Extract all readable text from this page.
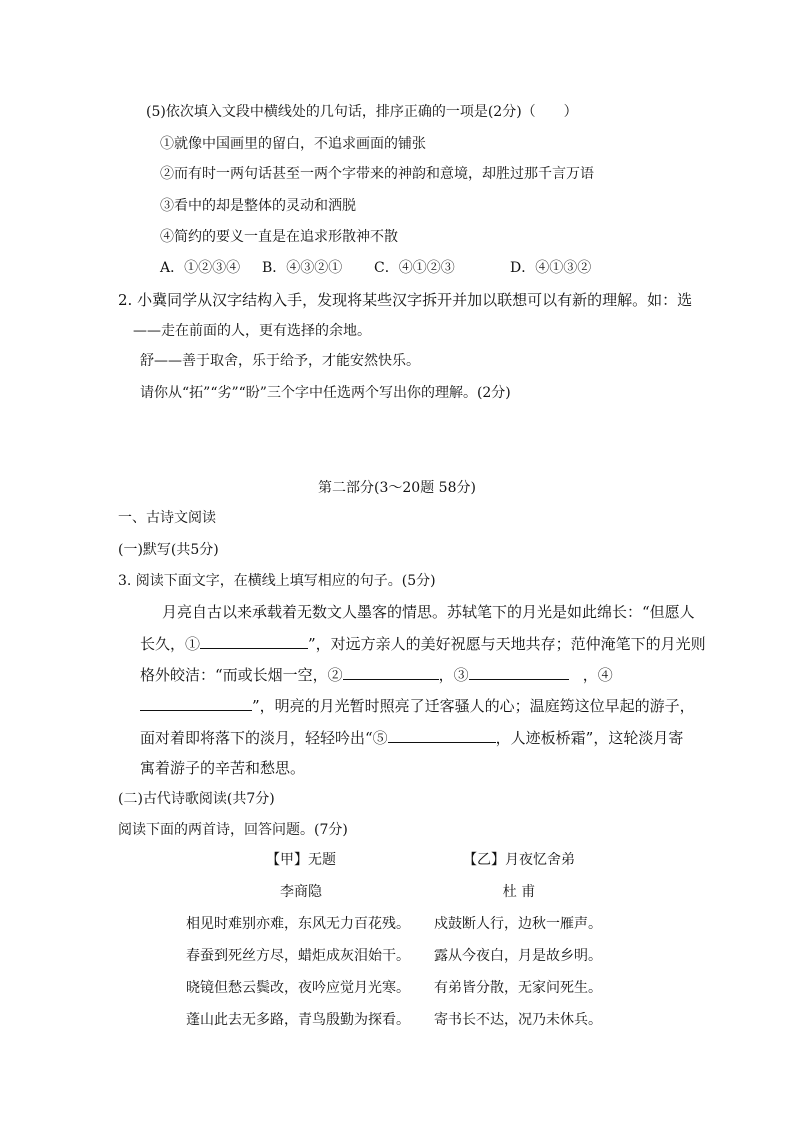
(5)依次填入文段中横线处的几句话，排序正确的一项是(2分)（　　）
①就像中国画里的留白，不追求画面的铺张
②而有时一两句话甚至一两个字带来的神韵和意境，却胜过那千言万语
③看中的却是整体的灵动和洒脱
④简约的要义一直是在追求形散神不散
A．①②③④ B．④③②① C．④①②③	D．④①③②
2. 小冀同学从汉字结构入手，发现将某些汉字拆开并加以联想可以有新的理解。如：选
——走在前面的人，更有选择的余地。
舒——善于取舍，乐于给予，才能安然快乐。
请你从“拓”“劣”“盼”三个字中任选两个写出你的理解。(2分)
第二部分(3～20题 58分)
一、古诗文阅读
(一)默写(共5分)
3. 阅读下面文字，在横线上填写相应的句子。(5分)
月亮自古以来承载着无数文人墨客的情思。苏轼笔下的月光是如此绵长：“但愿人
长久，①	”，对远方亲人的美好祝愿与天地共存；范仲淹笔下的月光则
格外皎洁：“而或长烟一空，②	，③	，④
”，明亮的月光暂时照亮了迁客骚人的心；温庭筠这位早起的游子，
面对着即将落下的淡月，轻轻吟出“⑤	，人迹板桥霜”，这轮淡月寄
寓着游子的辛苦和愁思。
(二)古代诗歌阅读(共7分)
阅读下面的两首诗，回答问题。(7分)
【甲】无题
李商隐
相见时难别亦难，东风无力百花残。
春蚕到死丝方尽，蜡炬成灰泪始干。
晓镜但愁云鬓改，夜吟应觉月光寒。
蓬山此去无多路，青鸟殷勤为探看。
【乙】月夜忆舍弟
杜 甫
戍鼓断人行，边秋一雁声。
露从今夜白，月是故乡明。
有弟皆分散，无家问死生。
寄书长不达，况乃未休兵。
